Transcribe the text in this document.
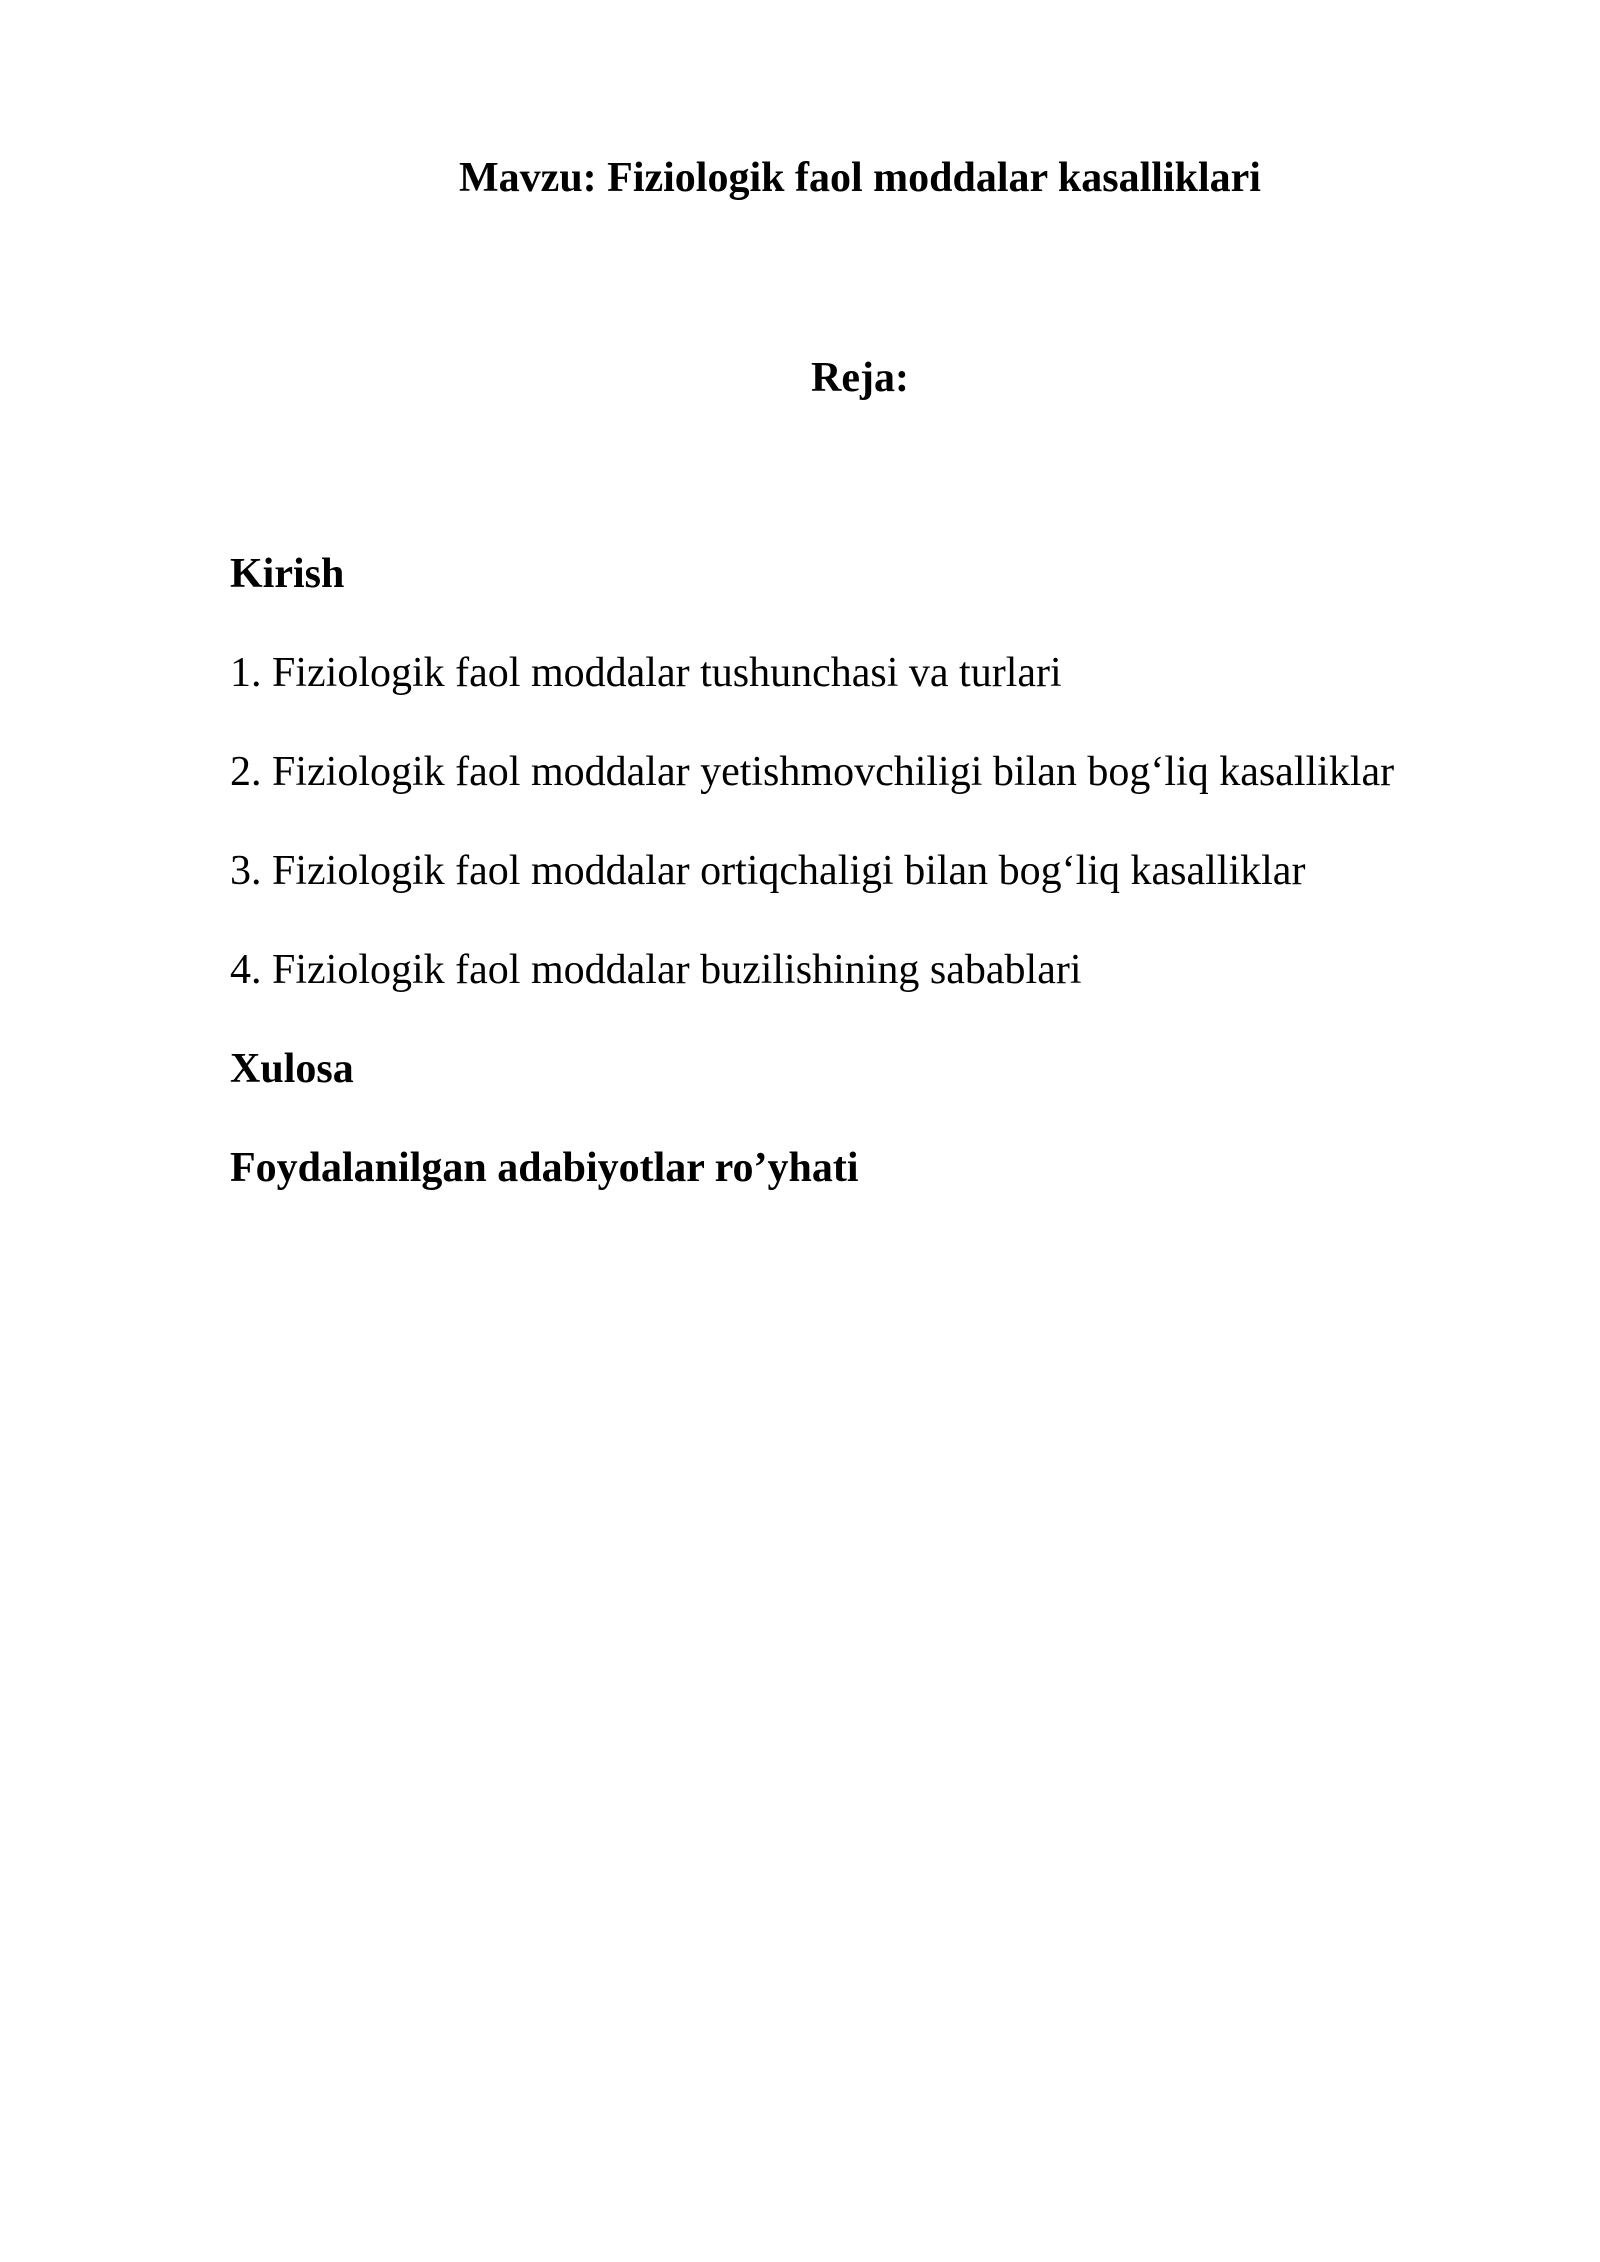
Mavzu: Fiziologik faol moddalar kasalliklari
Reja:
Kirish
1. Fiziologik faol moddalar tushunchasi va turlari
2. Fiziologik faol moddalar yetishmovchiligi bilan bog‘liq kasalliklar
3. Fiziologik faol moddalar ortiqchaligi bilan bog‘liq kasalliklar
4. Fiziologik faol moddalar buzilishining sabablari
Xulosa
Foydalanilgan adabiyotlar ro’yhati
